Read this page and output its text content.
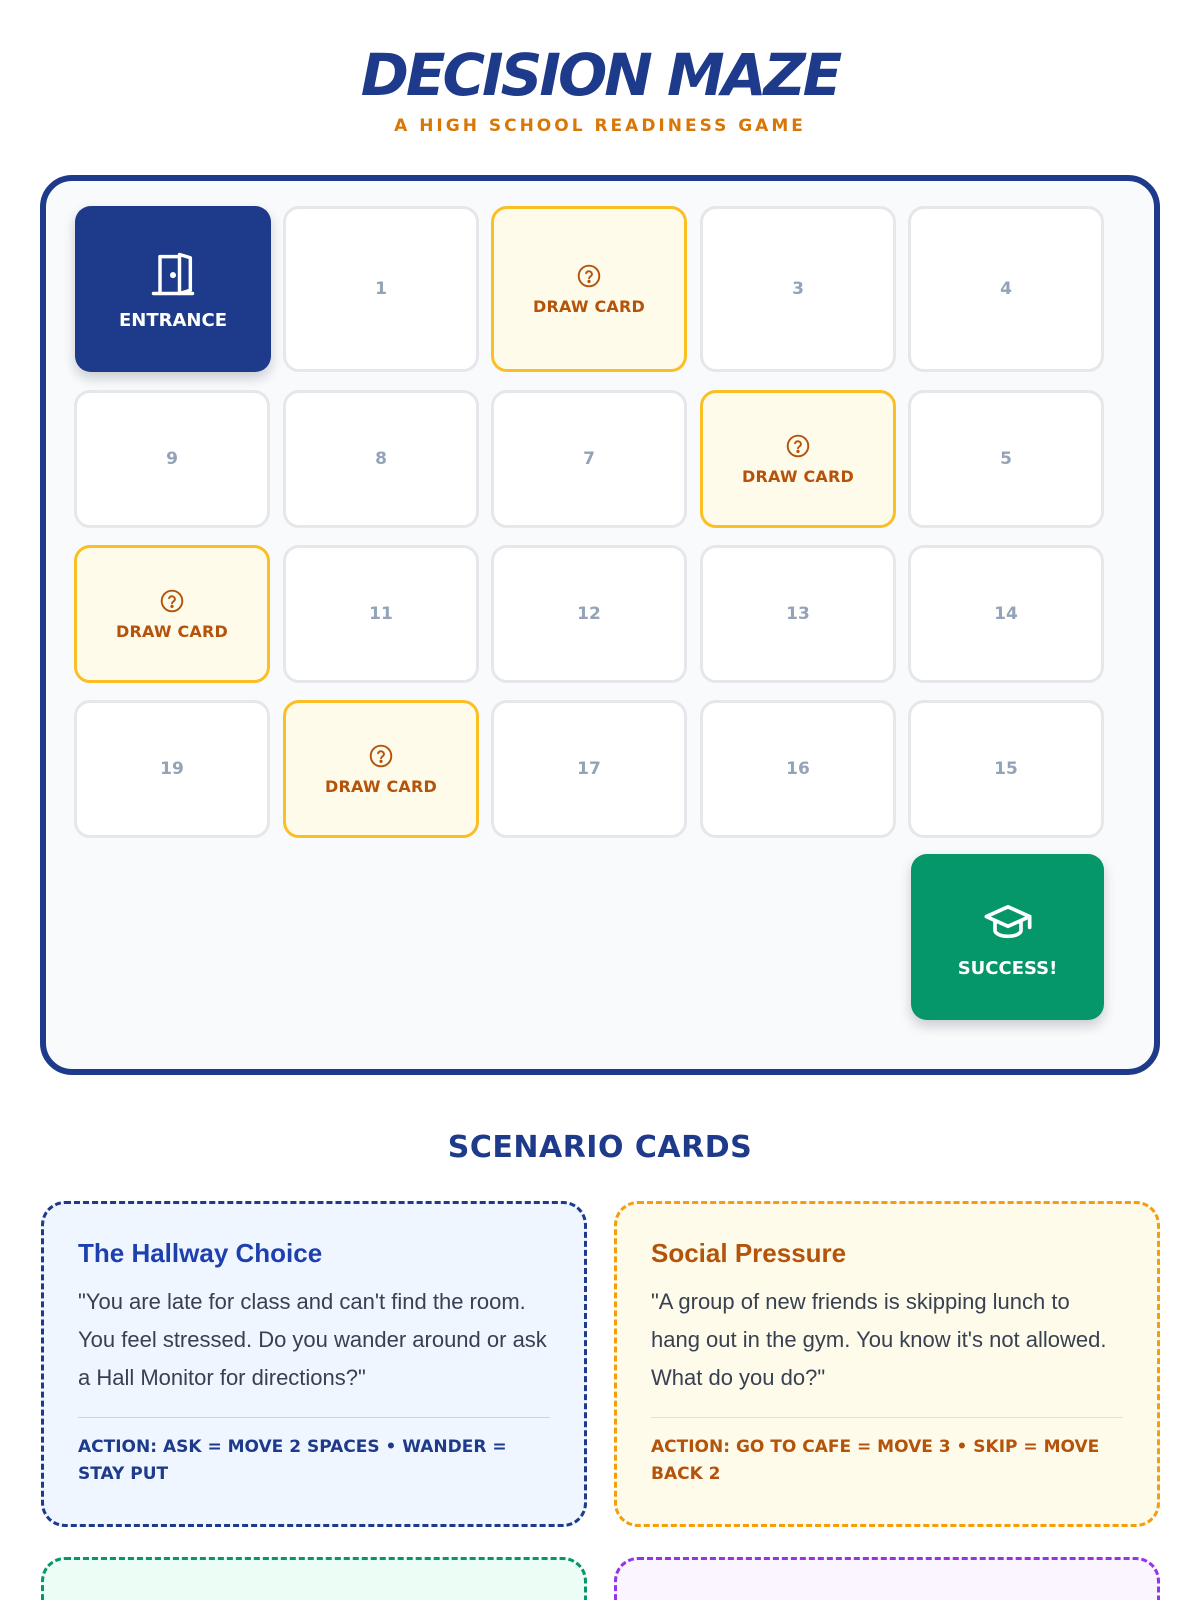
DECISION MAZE
A HIGH SCHOOL READINESS GAME
ENTRANCE
1
DRAW CARD
3	4
9	8	7
DRAW CARD
5
DRAW CARD
11	12	13	14
19
DRAW CARD
17	16	15
SUCCESS!
SCENARIO CARDS
The Hallway Choice

"You are late for class and can't find the room. You feel stressed. Do you wander around or ask a Hall Monitor for directions?"

ACTION: ASK = MOVE 2 SPACES • WANDER = STAY PUT
Social Pressure

"A group of new friends is skipping lunch to hang out in the gym. You know it's not allowed. What do you do?"

ACTION: GO TO CAFE = MOVE 3 • SKIP = MOVE BACK 2
